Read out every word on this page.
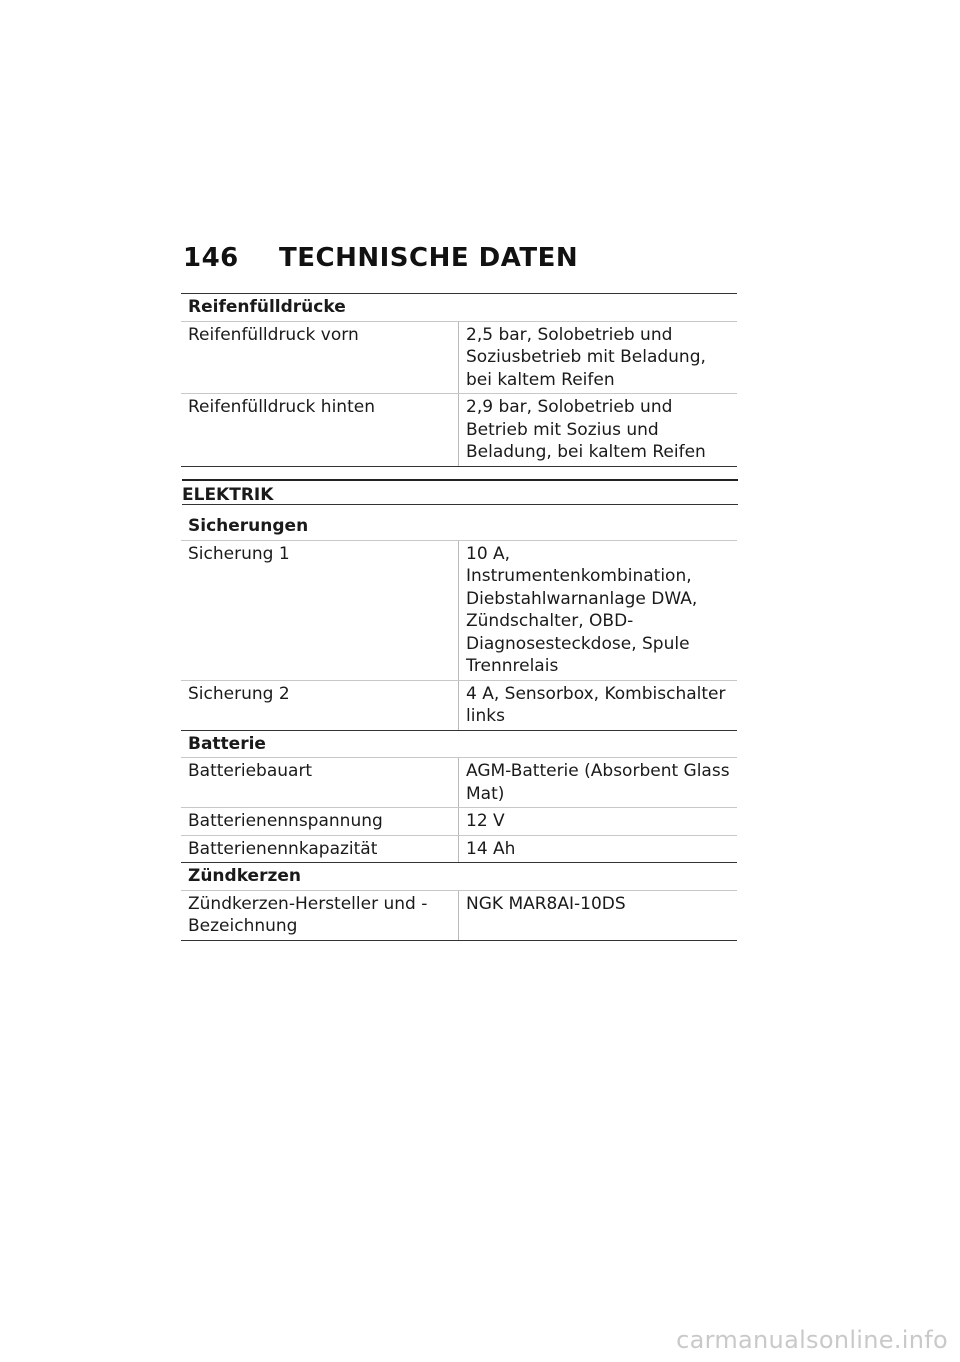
146 TECHNISCHE DATEN
Reifenfülldrücke	
Reifenfülldruck vorn	2,5 bar, Solobetrieb und Soziusbetrieb mit Beladung, bei kaltem Reifen
Reifenfülldruck hinten	2,9 bar, Solobetrieb und Betrieb mit Sozius und Beladung, bei kaltem Reifen
ELEKTRIK
Sicherungen	
Sicherung 1	10 A, Instrumentenkombination, Diebstahlwarnanlage DWA, Zündschalter, OBD-Diagnosesteckdose, Spule Trennrelais
Sicherung 2	4 A, Sensorbox, Kombischalter links
Batterie	
Batteriebauart	AGM-Batterie (Absorbent Glass Mat)
Batterienennspannung	12 V
Batterienennkapazität	14 Ah
Zündkerzen	
Zündkerzen-Hersteller und -Bezeichnung	NGK MAR8AI-10DS
carmanualsonline.info
